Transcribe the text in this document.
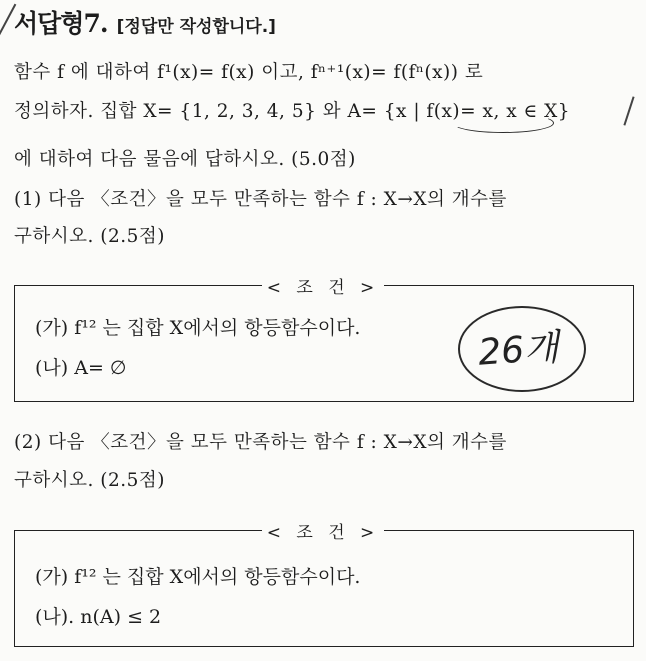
서답형7. [정답만 작성합니다.]
함수 f 에 대하여 f¹(x)= f(x) 이고, fⁿ⁺¹(x)= f(fⁿ(x)) 로
정의하자. 집합 X= {1, 2, 3, 4, 5} 와 A= {x | f(x)= x, x ∈ X}
에 대하여 다음 물음에 답하시오. (5.0점)
(1) 다음 〈조건〉을 모두 만족하는 함수 f : X→X의 개수를
구하시오. (2.5점)
< 조 건 >
(가) f¹² 는 집합 X에서의 항등함수이다.
(나) A= ∅	26개
(2) 다음 〈조건〉을 모두 만족하는 함수 f : X→X의 개수를
구하시오. (2.5점)
< 조 건 >
(가) f¹² 는 집합 X에서의 항등함수이다.
(나). n(A) ≤ 2
